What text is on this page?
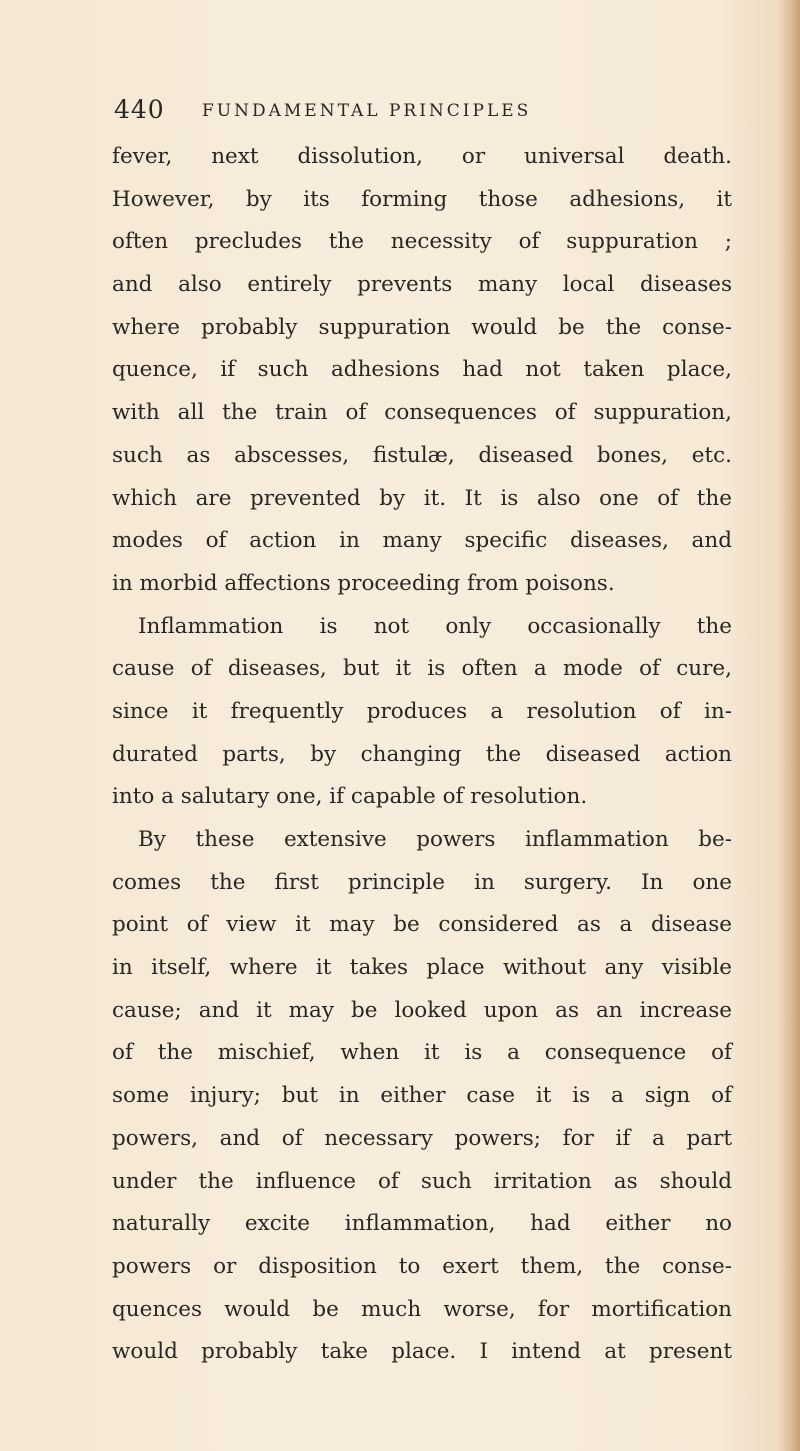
440 FUNDAMENTAL PRINCIPLES
fever, next dissolution, or universal death.
However, by its forming those adhesions, it
often precludes the necessity of suppuration ;
and also entirely prevents many local diseases
where probably suppuration would be the conse-
quence, if such adhesions had not taken place,
with all the train of consequences of suppuration,
such as abscesses, fistulæ, diseased bones, etc.
which are prevented by it. It is also one of the
modes of action in many specific diseases, and
in morbid affections proceeding from poisons.
Inflammation is not only occasionally the
cause of diseases, but it is often a mode of cure,
since it frequently produces a resolution of in-
durated parts, by changing the diseased action
into a salutary one, if capable of resolution.
By these extensive powers inflammation be-
comes the first principle in surgery. In one
point of view it may be considered as a disease
in itself, where it takes place without any visible
cause; and it may be looked upon as an increase
of the mischief, when it is a consequence of
some injury; but in either case it is a sign of
powers, and of necessary powers; for if a part
under the influence of such irritation as should
naturally excite inflammation, had either no
powers or disposition to exert them, the conse-
quences would be much worse, for mortification
would probably take place. I intend at present
